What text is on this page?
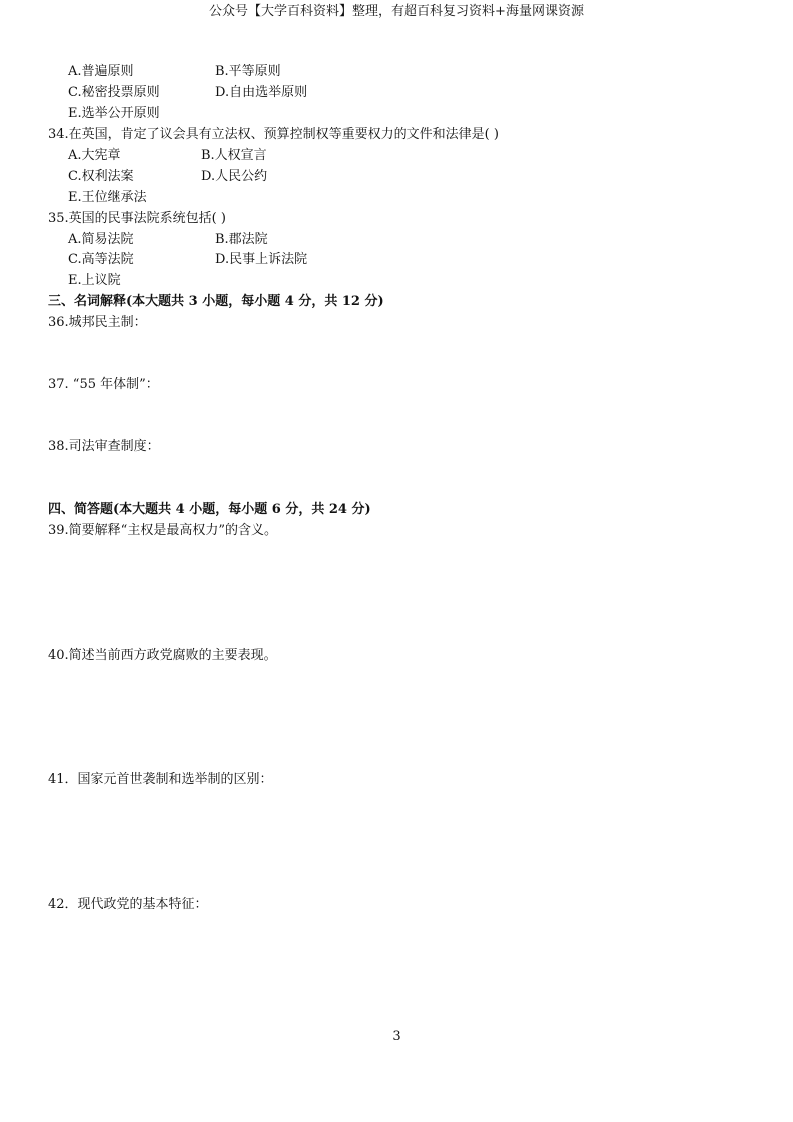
公众号【大学百科资料】整理，有超百科复习资料+海量网课资源
A.普遍原则	B.平等原则
C.秘密投票原则	D.自由选举原则
E.选举公开原则
34.在英国，肯定了议会具有立法权、预算控制权等重要权力的文件和法律是( )
A.大宪章	B.人权宣言
C.权利法案	D.人民公约
E.王位继承法
35.英国的民事法院系统包括( )
A.简易法院	B.郡法院
C.高等法院	D.民事上诉法院
E.上议院
三、名词解释(本大题共 3 小题，每小题 4 分，共 12 分)
36.城邦民主制：
37. “55 年体制”：
38.司法审查制度：
四、简答题(本大题共 4 小题，每小题 6 分，共 24 分)
39.简要解释“主权是最高权力”的含义。
40.简述当前西方政党腐败的主要表现。
41．国家元首世袭制和选举制的区别：
42．现代政党的基本特征：
3
